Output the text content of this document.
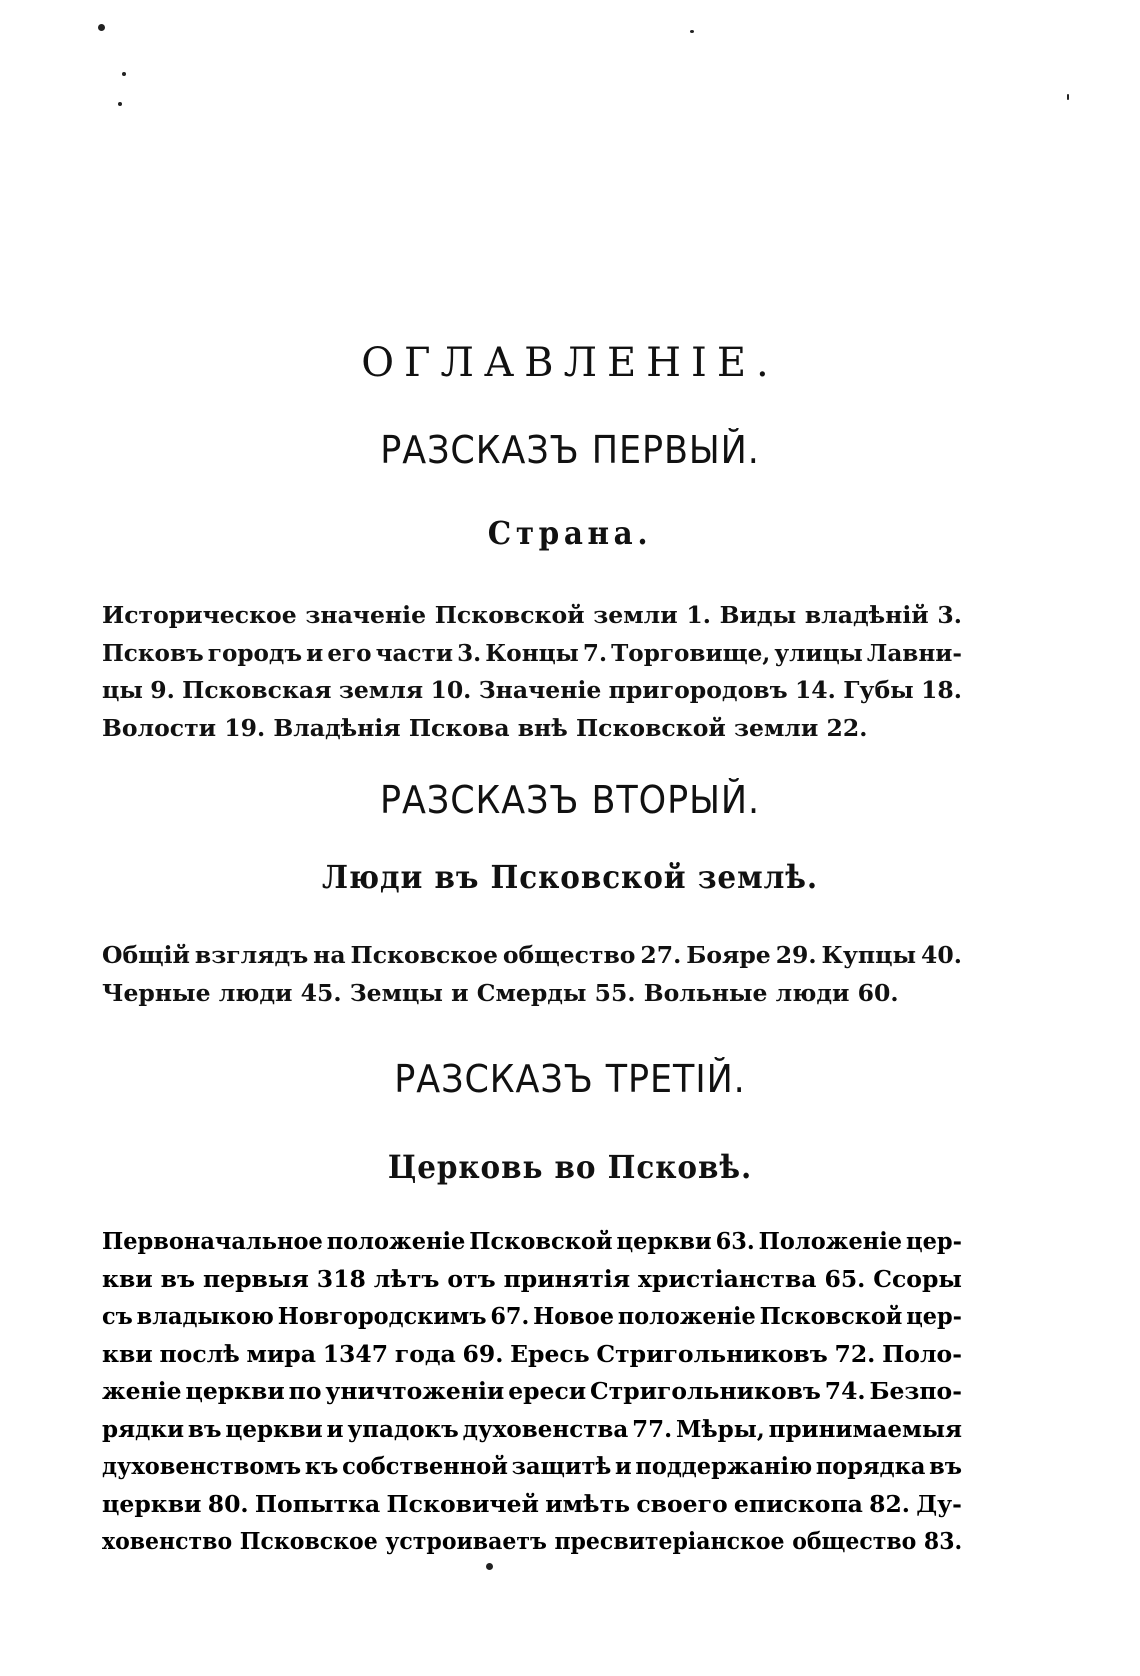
ОГЛАВЛЕНІЕ.
РАЗСКАЗЪ ПЕРВЫЙ.
Страна.
Историческое значеніе Псковской земли 1. Виды владѣній 3.
Псковъ городъ и его части 3. Концы 7. Торговище, улицы Лавни-
цы 9. Псковская земля 10. Значеніе пригородовъ 14. Губы 18.
Волости 19. Владѣнія Пскова внѣ Псковской земли 22.
РАЗСКАЗЪ ВТОРЫЙ.
Люди въ Псковской землѣ.
Общій взглядъ на Псковское общество 27. Бояре 29. Купцы 40.
Черные люди 45. Земцы и Смерды 55. Вольные люди 60.
РАЗСКАЗЪ ТРЕТІЙ.
Церковь во Псковѣ.
Первоначальное положеніе Псковской церкви 63. Положеніе цер-
кви въ первыя 318 лѣтъ отъ принятія христіанства 65. Ссоры
съ владыкою Новгородскимъ 67. Новое положеніе Псковской цер-
кви послѣ мира 1347 года 69. Ересь Стригольниковъ 72. Поло-
женіе церкви по уничтоженіи ереси Стригольниковъ 74. Безпо-
рядки въ церкви и упадокъ духовенства 77. Мѣры, принимаемыя
духовенствомъ къ собственной защитѣ и поддержанію порядка въ
церкви 80. Попытка Псковичей имѣть своего епископа 82. Ду-
ховенство Псковское устроиваетъ пресвитеріанское общество 83.
